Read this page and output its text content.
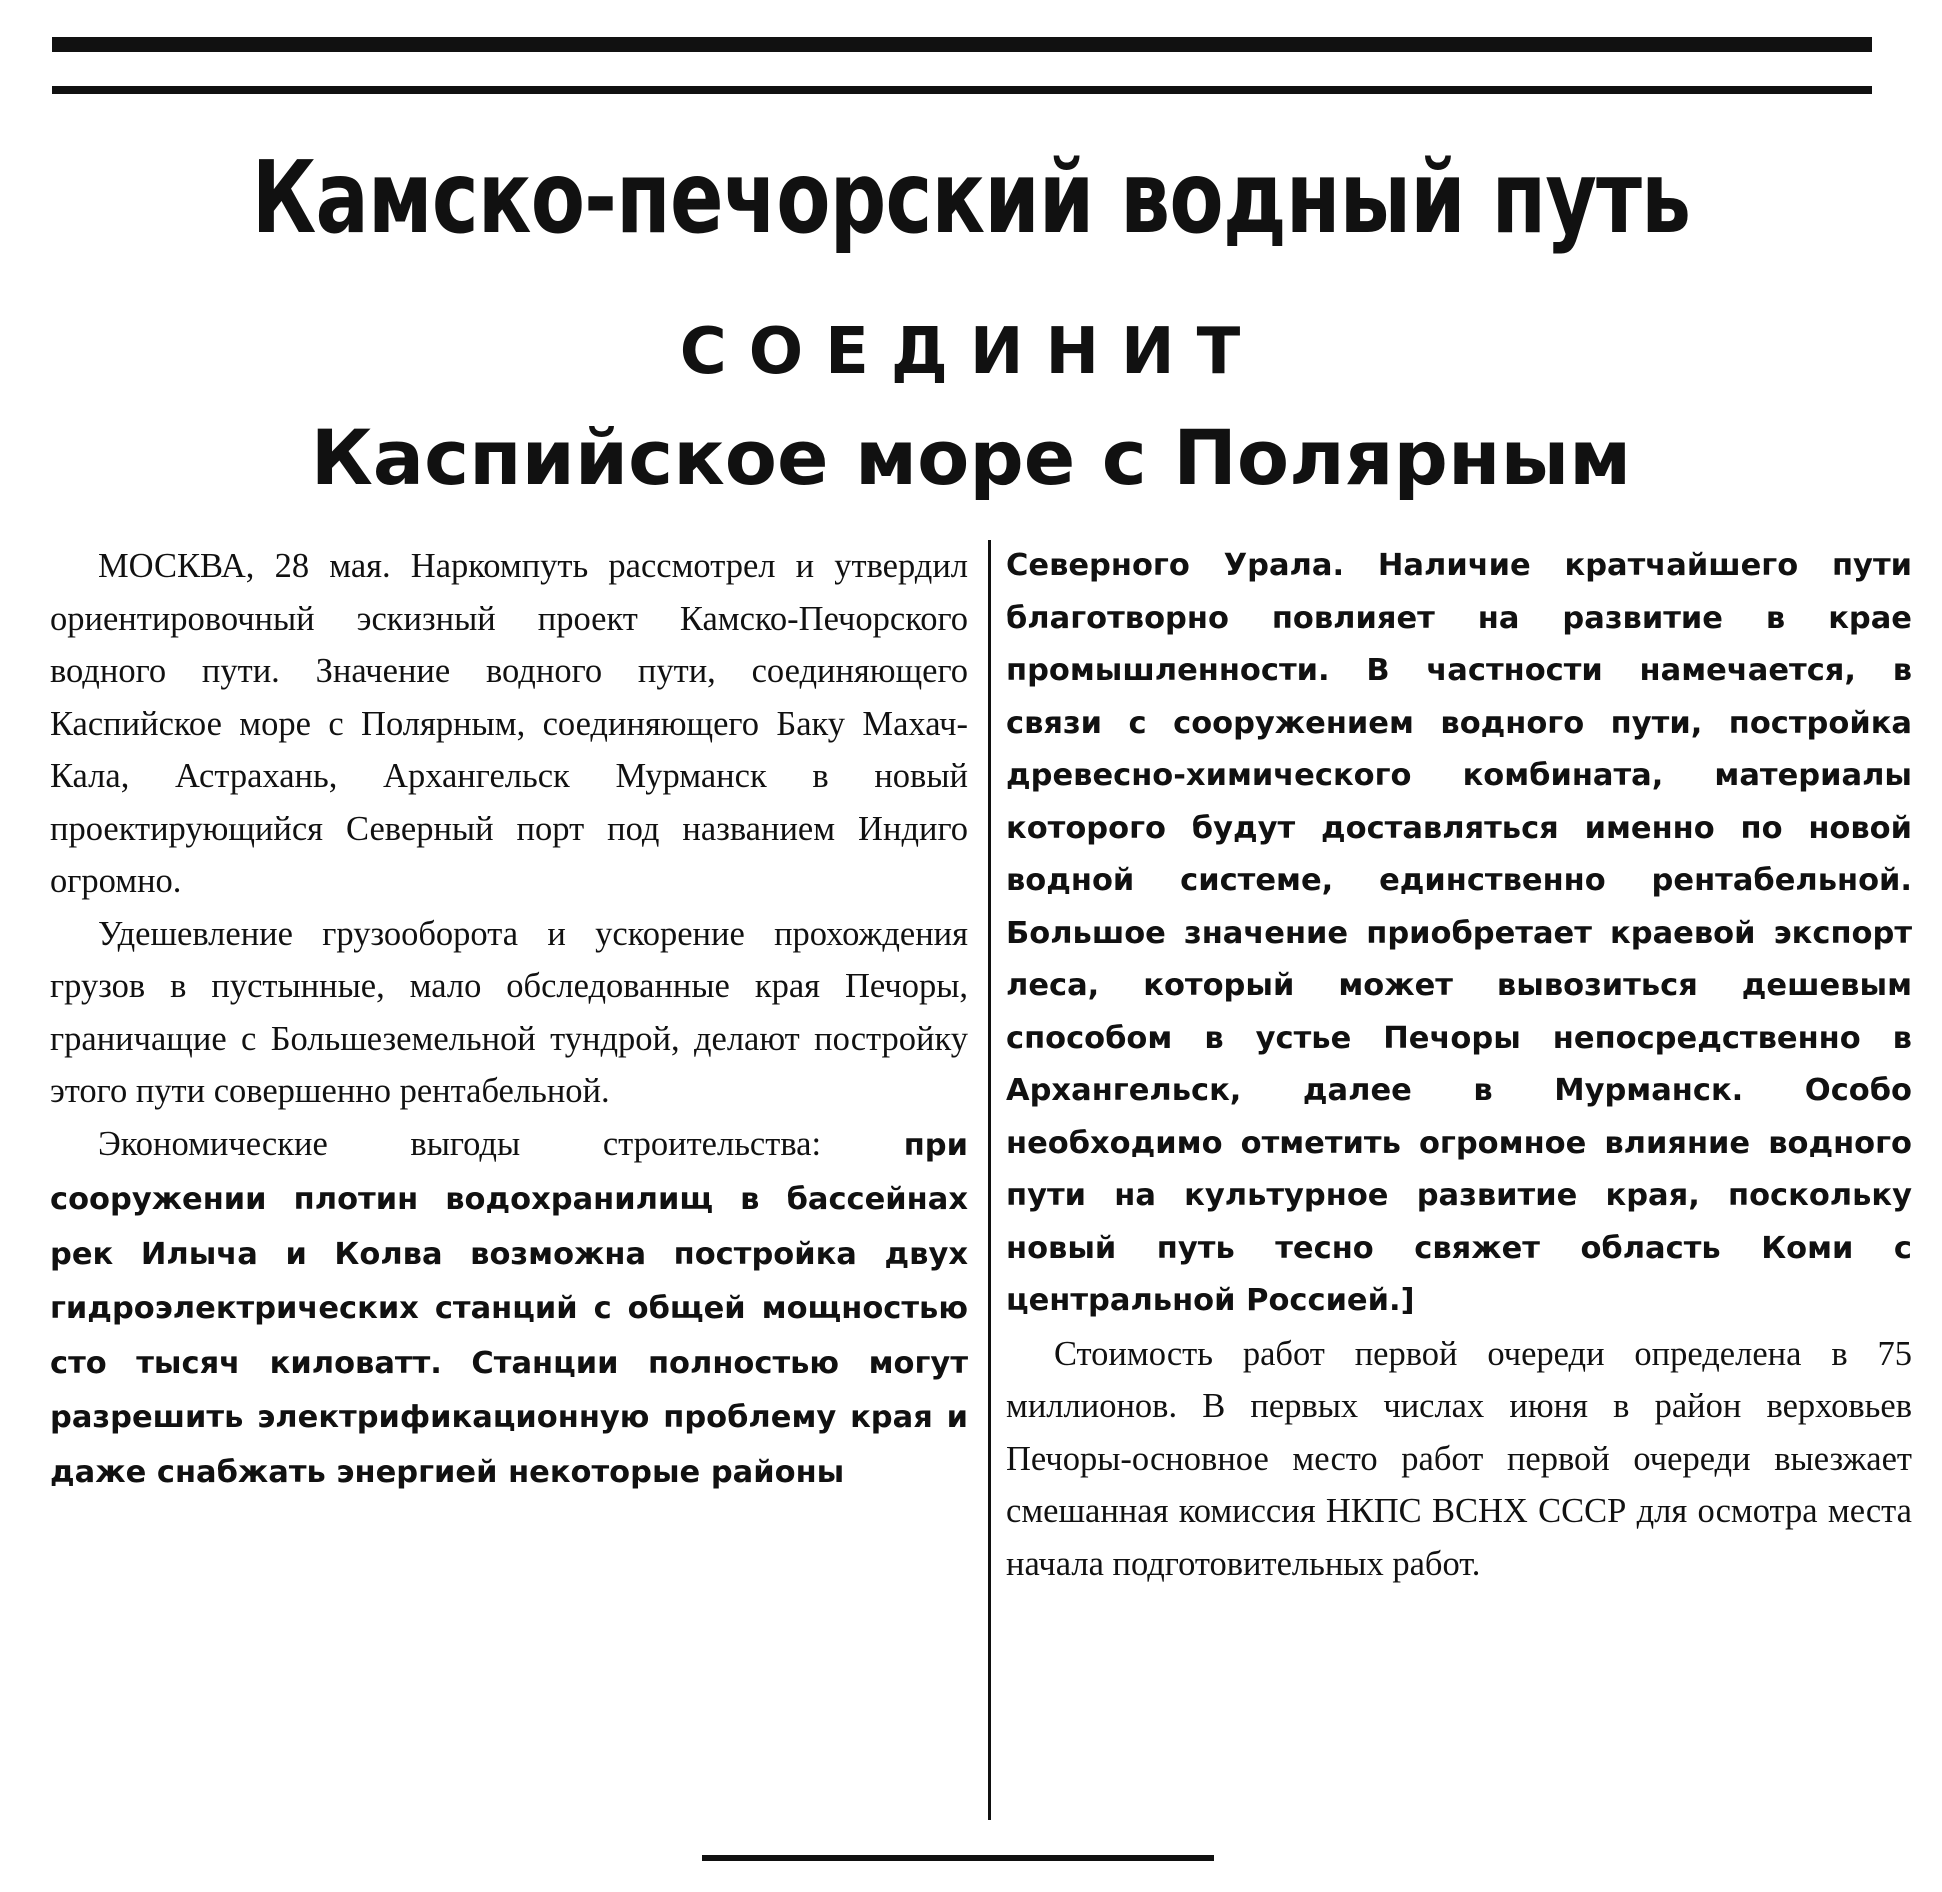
Камско-печорский водный путь
СОЕДИНИТ
Каспийское море с Полярным

МОСКВА, 28 мая. Наркомпуть рассмотрел и утвердил ориентировочный эскизный проект Камско-Печорского водного пути. Значение водного пути, соединяющего Каспийское море с Полярным, соединяющего Баку Махач-Кала, Астрахань, Архангельск Мурманск в новый проектирующийся Северный порт под названием Индиго огромно.

Удешевление грузооборота и ускорение прохождения грузов в пустынные, мало обследованные края Печоры, граничащие с Большеземельной тундрой, делают постройку этого пути совершенно рентабельной.

Экономические выгоды строительства: при сооружении плотин водохранилищ в бассейнах рек Илыча и Колва возможна постройка двух гидроэлектрических станций с общей мощностью сто тысяч киловатт. Станции полностью могут разрешить электрификационную проблему края и даже снабжать энергией некоторые районы

Северного Урала. Наличие кратчайшего пути благотворно повлияет на развитие в крае промышленности. В частности намечается, в связи с сооружением водного пути, постройка древесно-химического комбината, материалы которого будут доставляться именно по новой водной системе, единственно рентабельной. Большое значение приобретает краевой экспорт леса, который может вывозиться дешевым способом в устье Печоры непосредственно в Архангельск, далее в Мурманск. Особо необходимо отметить огромное влияние водного пути на культурное развитие края, поскольку новый путь тесно свяжет область Коми с центральной Россией.]

Стоимость работ первой очереди определена в 75 миллионов. В первых числах июня в район верховьев Печоры-основное место работ первой очереди выезжает смешанная комиссия НКПС ВСНХ СССР для осмотра места начала подготовительных работ.
